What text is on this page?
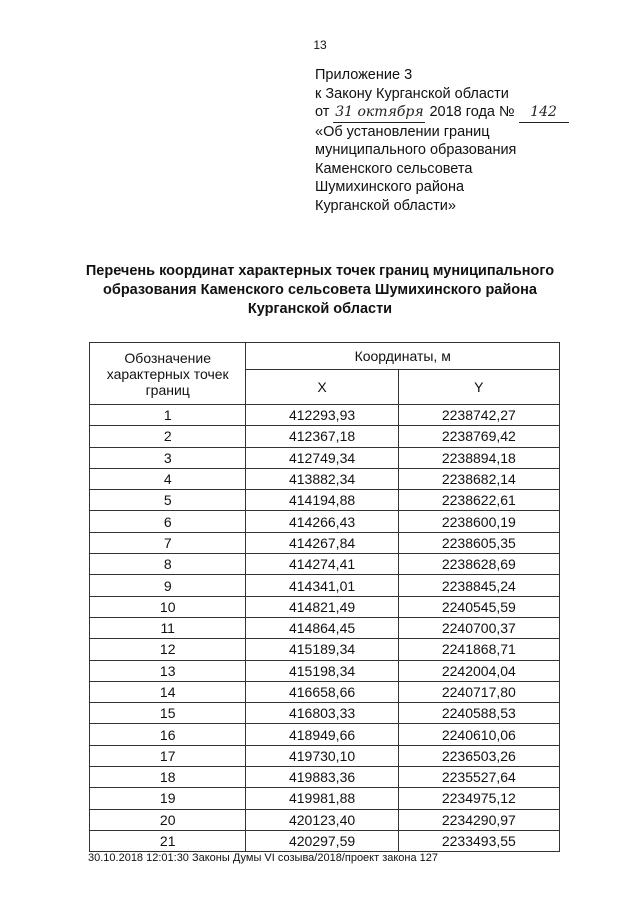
13
Приложение 3
к Закону Курганской области
от 31 октября 2018 года № 142
«Об установлении границ
муниципального образования
Каменского сельсовета
Шумихинского района
Курганской области»
Перечень координат характерных точек границ муниципального
образования Каменского сельсовета Шумихинского района
Курганской области
Обозначение характерных точек границ	Координаты, м	
	X	Y
1	412293,93	2238742,27
2	412367,18	2238769,42
3	412749,34	2238894,18
4	413882,34	2238682,14
5	414194,88	2238622,61
6	414266,43	2238600,19
7	414267,84	2238605,35
8	414274,41	2238628,69
9	414341,01	2238845,24
10	414821,49	2240545,59
11	414864,45	2240700,37
12	415189,34	2241868,71
13	415198,34	2242004,04
14	416658,66	2240717,80
15	416803,33	2240588,53
16	418949,66	2240610,06
17	419730,10	2236503,26
18	419883,36	2235527,64
19	419981,88	2234975,12
20	420123,40	2234290,97
21	420297,59	2233493,55
30.10.2018 12:01:30 Законы Думы VI созыва/2018/проект закона 127
